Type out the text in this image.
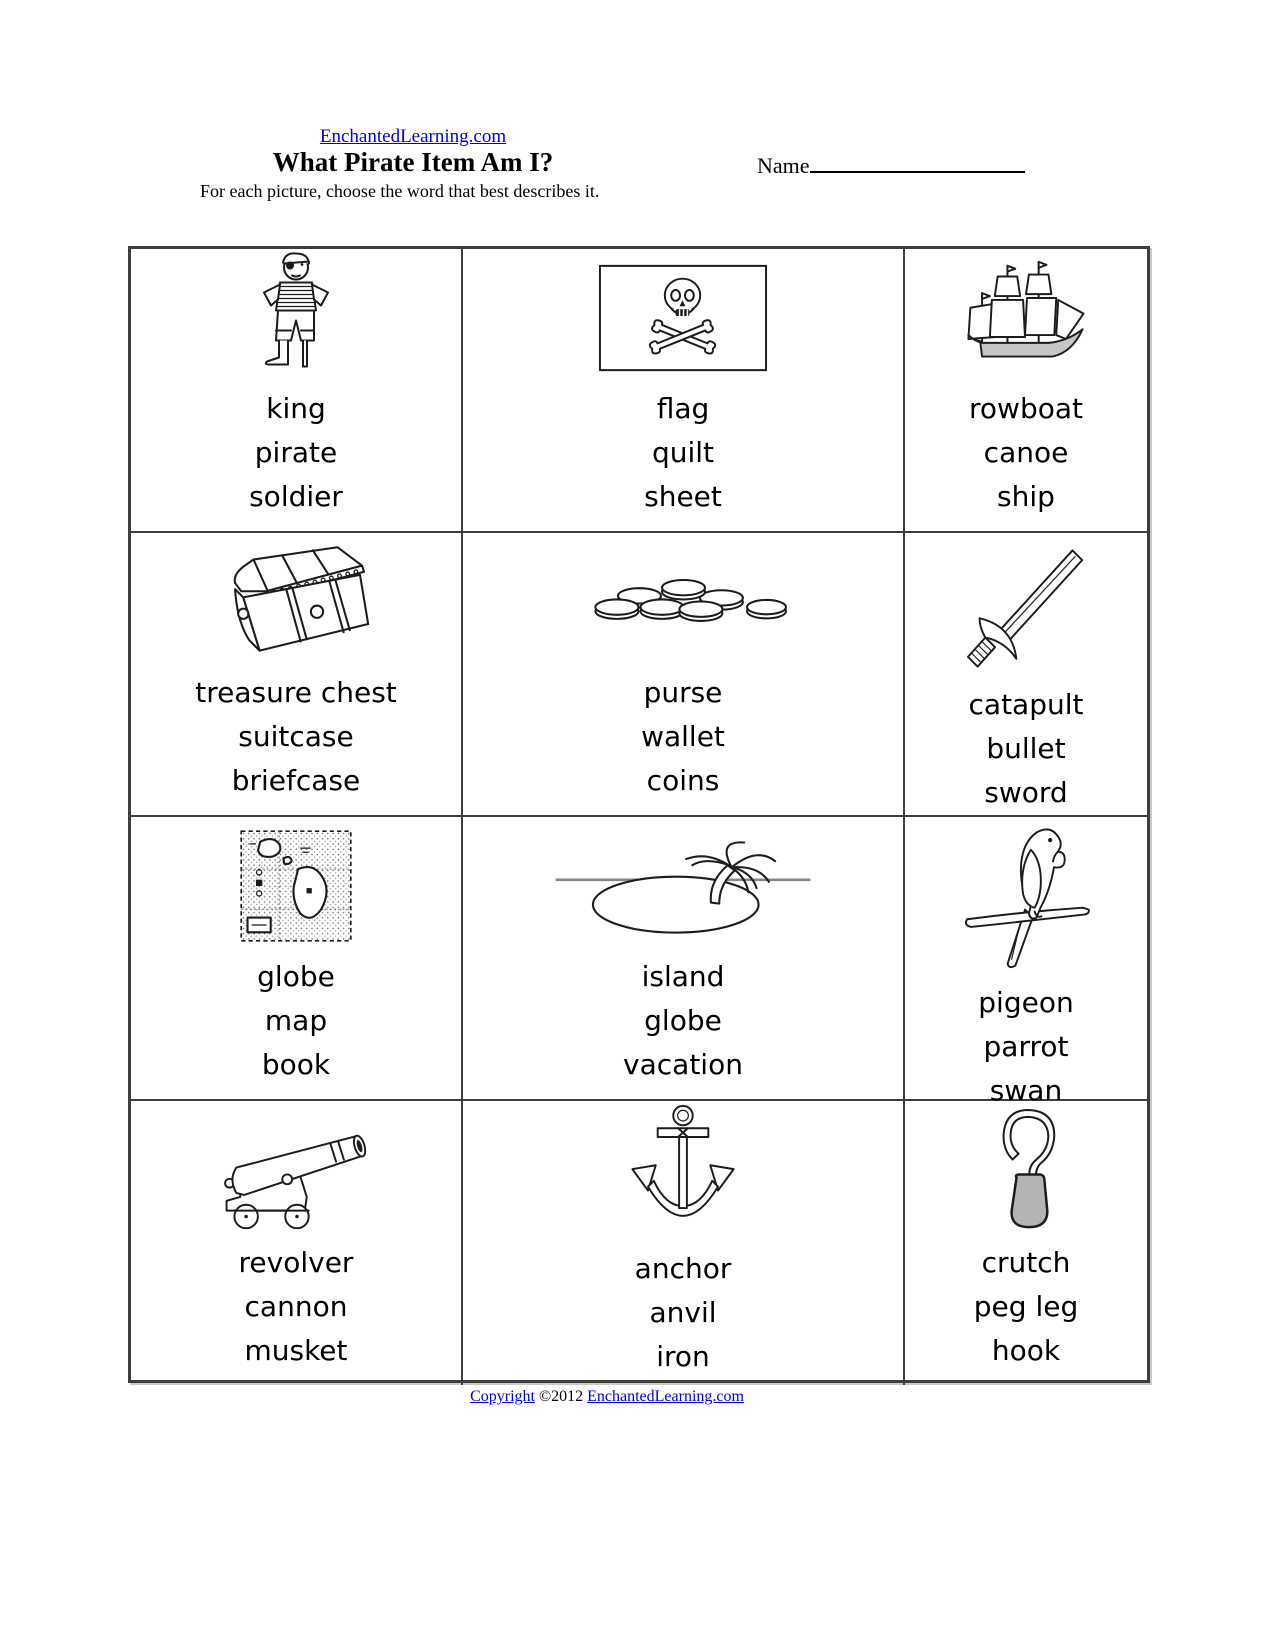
EnchantedLearning.com
What Pirate Item Am I?	Name
For each picture, choose the word that best describes it.
king
pirate
soldier
flag
quilt
sheet
rowboat
canoe
ship
treasure chest
suitcase
briefcase
purse
wallet
coins
catapult
bullet
sword
globe
map
book
island
globe
vacation
pigeon
parrot
swan
revolver
cannon
musket
anchor
anvil
iron
crutch
peg leg
hook
Copyright ©2012 EnchantedLearning.com
